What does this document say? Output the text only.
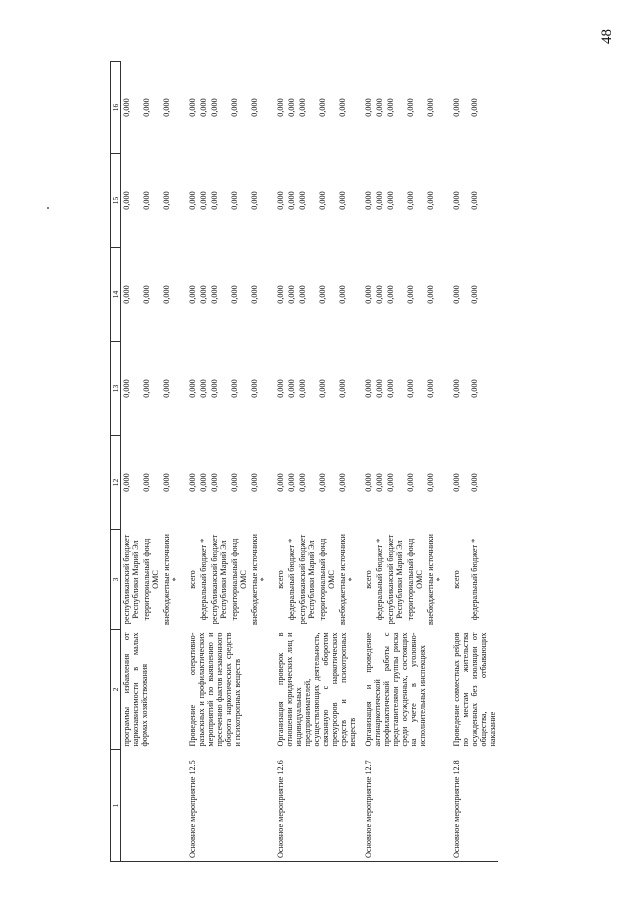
48
1	2	3	12	13	14	15	16
	программы избавления от наркозависимости в малых формах хозяйствования	республиканский бюджет Республики Марий Эл	0,000	0,000	0,000	0,000	0,000
		территориальный фонд ОМС	0,000	0,000	0,000	0,000	0,000
		внебюджетные источники *	0,000	0,000	0,000	0,000	0,000
Основное мероприятие 12.5	Проведение оперативно-разыскных и профилактических мероприятий по выявлению и пресечению фактов незаконного оборота наркотических средств и психотропных веществ	всего	0,000	0,000	0,000	0,000	0,000
		федеральный бюджет *	0,000	0,000	0,000	0,000	0,000
		республиканский бюджет Республики Марий Эл	0,000	0,000	0,000	0,000	0,000
		территориальный фонд ОМС	0,000	0,000	0,000	0,000	0,000
		внебюджетные источники *	0,000	0,000	0,000	0,000	0,000
Основное мероприятие 12.6	Организация проверок в отношении юридических лиц и индивидуальных предпринимателей, осуществляющих деятельность, связанную с оборотом прекурсоров наркотических средств и психотропных веществ	всего	0,000	0,000	0,000	0,000	0,000
		федеральный бюджет *	0,000	0,000	0,000	0,000	0,000
		республиканский бюджет Республики Марий Эл	0,000	0,000	0,000	0,000	0,000
		территориальный фонд ОМС	0,000	0,000	0,000	0,000	0,000
		внебюджетные источники *	0,000	0,000	0,000	0,000	0,000
Основное мероприятие 12.7	Организация и проведение антинаркотической профилактической работы с представителями группы риска среди осужденных, состоящих на учете в уголовно-исполнительных инспекциях	всего	0,000	0,000	0,000	0,000	0,000
		федеральный бюджет *	0,000	0,000	0,000	0,000	0,000
		республиканский бюджет Республики Марий Эл	0,000	0,000	0,000	0,000	0,000
		территориальный фонд ОМС	0,000	0,000	0,000	0,000	0,000
		внебюджетные источники *	0,000	0,000	0,000	0,000	0,000
Основное мероприятие 12.8	Проведение совместных рейдов по местам жительства осужденных без изоляции от общества, отбывающих наказание	всего	0,000	0,000	0,000	0,000	0,000
		федеральный бюджет *	0,000	0,000	0,000	0,000	0,000
